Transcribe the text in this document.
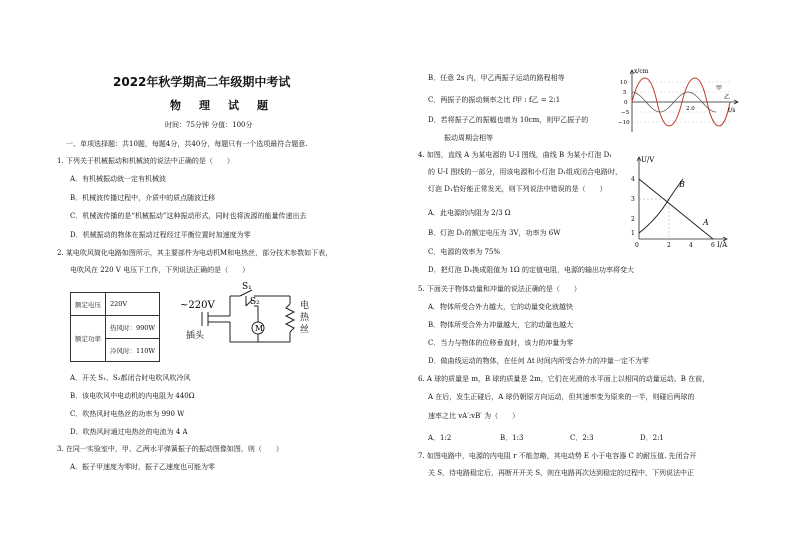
2022年秋学期高二年级期中考试
物理试题
时间：75分钟 分值：100分
一、单项选择题：共10题，每题4分，共40分，每题只有一个选项最符合题意.
1. 下列关于机械振动和机械波的说法中正确的是（　　）
A．有机械振动就一定有机械波
B．机械波传播过程中，介质中的质点随波迁移
C．机械波传播的是“机械振动”这种振动形式，同时也将波源的能量传递出去
D．机械振动的物体在振动过程经过平衡位置时加速度为零
2. 某电吹风简化电路如图所示，其主要部件为电动机M和电热丝，部分技术参数如下表，
电吹风在 220 V 电压下工作，下列说法正确的是（　　）
额定电压	220V
额定功率	热风时：990W
	冷风时：110W
~220V
插头
S₁
S₂
M
电
热
丝
A．开关 S₁、S₂都闭合时电吹风吹冷风
B．该电吹风中电动机的内电阻为 440Ω
C．吹热风时电热丝的功率为 990 W
D．吹热风时通过电热丝的电流为 4 A
3. 在同一实验室中，甲、乙两水平弹簧振子的振动图像如图，则（　　）
A．振子甲速度为零时，振子乙速度也可能为零
B．任意 2s 内，甲乙两振子运动的路程相等
C．两振子的振动频率之比 f甲 : f乙 = 2:1
D．若将振子乙的振幅也增为 10cm，则甲乙振子的
振动周期会相等
x/cm
t/s
10
5
0
−5
−10
2.0
甲
乙
4. 如图，直线 A 为某电源的 U-I 图线，曲线 B 为某小灯泡 D₁
的 U-I 图线的一部分，用该电源和小灯泡 D₁组成闭合电路时，
灯泡 D₁恰好能正常发光，则下列说法中错误的是（　　）
A．此电源的内阻为 2/3 Ω
B．灯泡 D₁的额定电压为 3V，功率为 6W
C．电源的效率为 75%
D．把灯泡 D₁换成阻值为 1Ω 的定值电阻，电源的输出功率将变大
U/V
I/A
4
3
2
1
0	2	4	6
A
B
5. 下面关于物体动量和冲量的说法正确的是（　　）
A．物体所受合外力越大，它的动量变化就越快
B．物体所受合外力冲量越大，它的动量也越大
C．当力与物体的位移垂直时，该力的冲量为零
D．做曲线运动的物体，在任何 Δt 时间内所受合外力的冲量一定不为零
6. A 球的质量是 m，B 球的质量是 2m，它们在光滑的水平面上以相同的动量运动。B 在前，
A 在后，发生正碰后，A 球仍朝原方向运动，但其速率变为原来的一半，则碰后两球的
速率之比 vA′:vB′ 为（　　）
A．1:2	B．1:3	C．2:3	D．2:1
7. 如图电路中，电源的内电阻 r 不能忽略，其电动势 E 小于电容器 C 的耐压值. 先闭合开
关 S，待电路稳定后，再断开开关 S，则在电路再次达到稳定的过程中，下列说法中正
